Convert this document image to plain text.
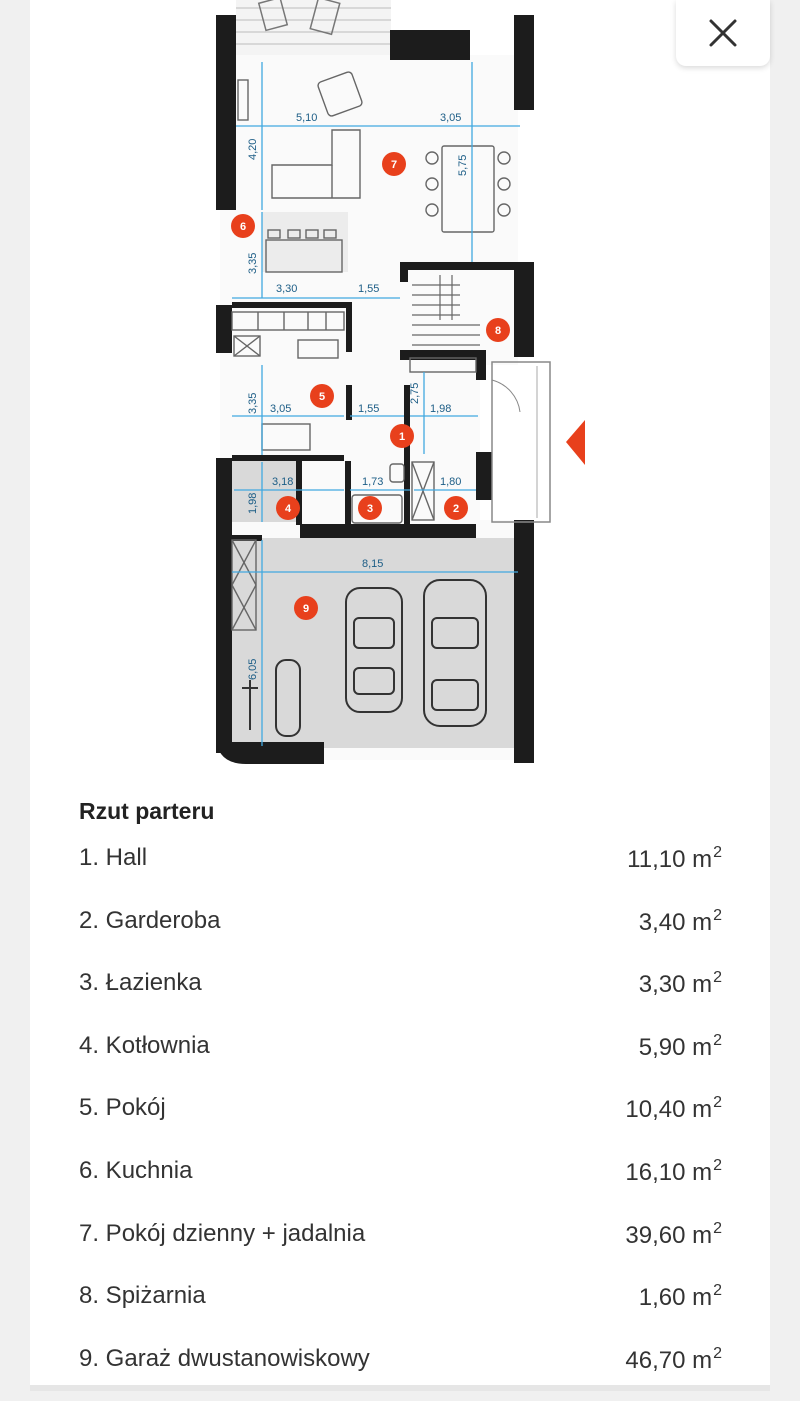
5,10	3,05
4,20
5,75
3,35
3,30	1,55
3,35 3,05	1,55
2,75
1,98
3,18	1,73	1,80
1,98
8,15
6,05
7
6
8
5
1
4	3	2
9
Rzut parteru
1. Hall	11,10 $m^2$
2. Garderoba	3,40 $m^2$
3. Łazienka	3,30 $m^2$
4. Kotłownia	5,90 $m^2$
5. Pokój	10,40 $m^2$
6. Kuchnia	16,10 $m^2$
7. Pokój dzienny + jadalnia	39,60 $m^2$
8. Spiżarnia	1,60 $m^2$
9. Garaż dwustanowiskowy	46,70 $m^2$
